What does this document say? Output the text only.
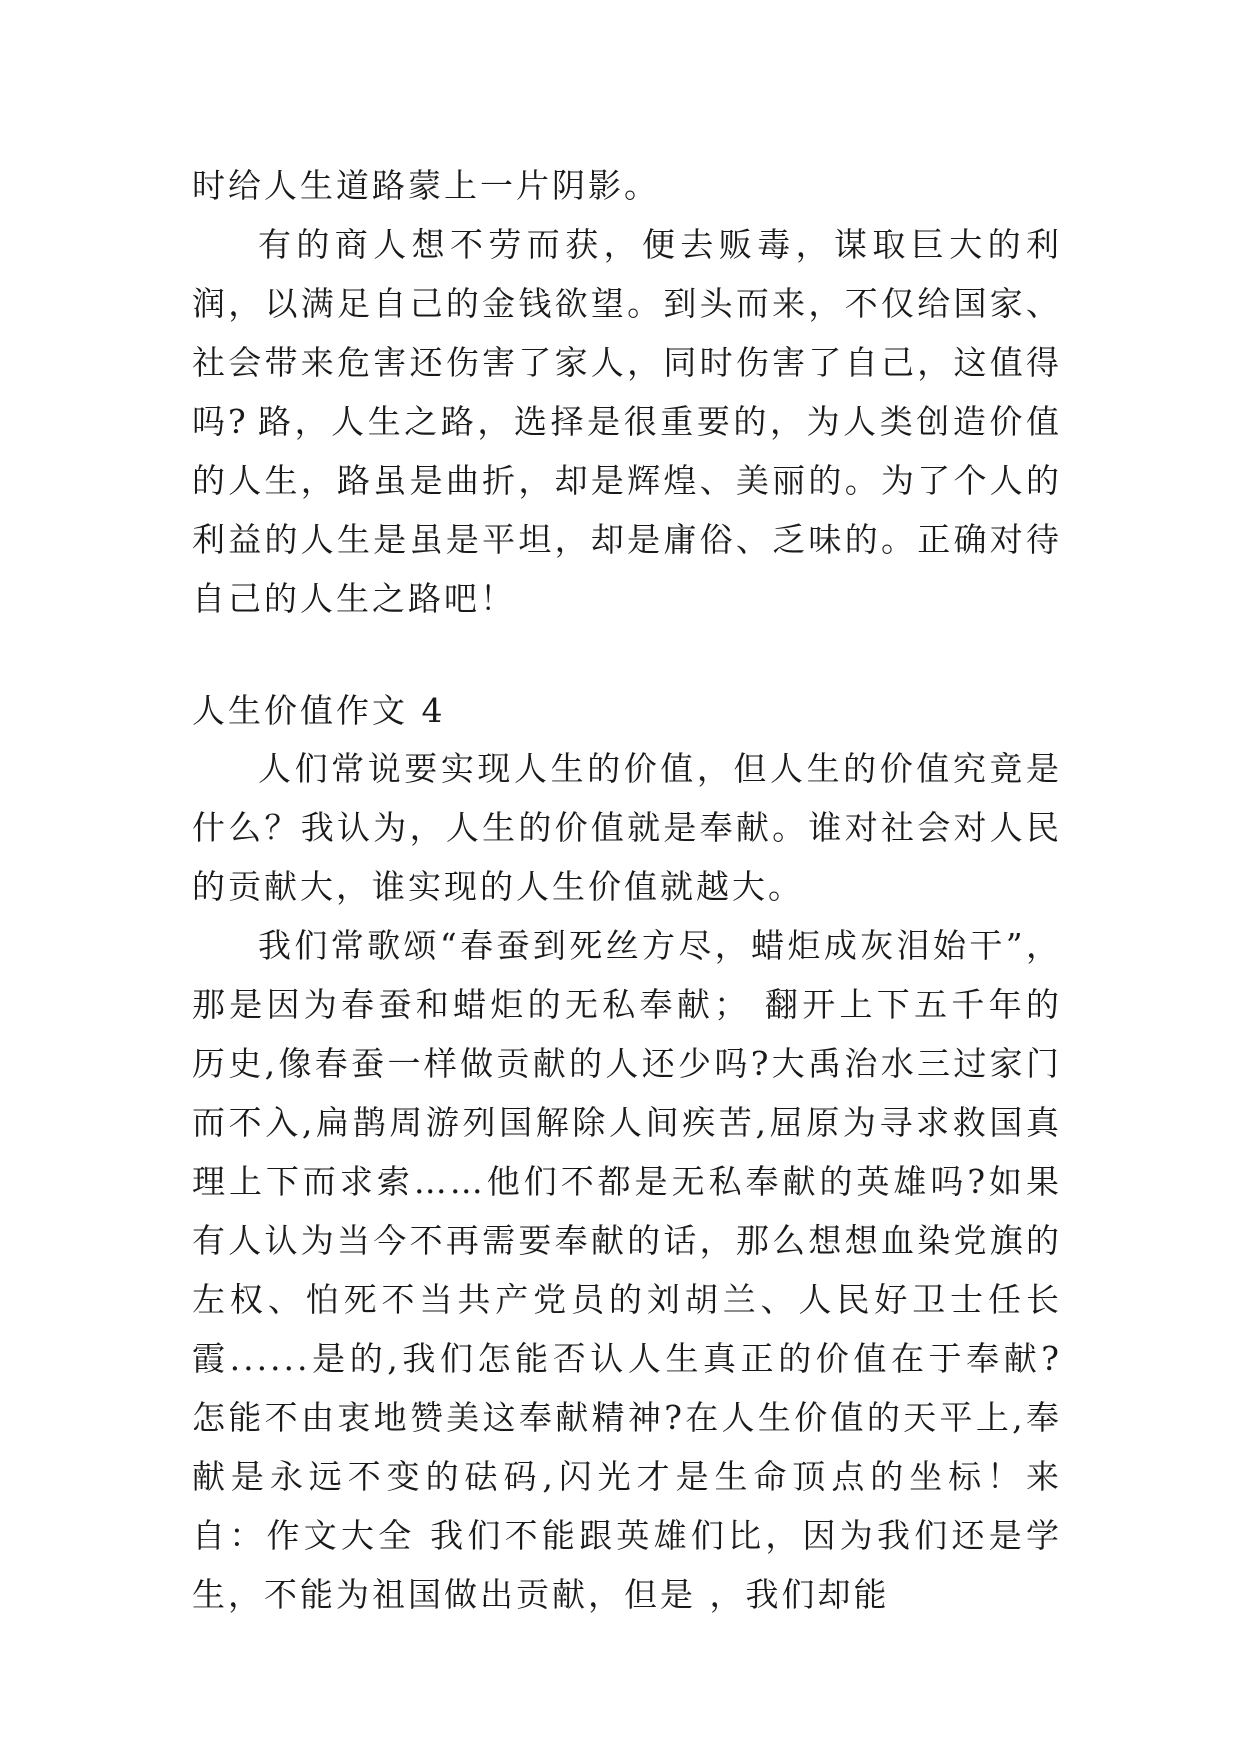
时给人生道路蒙上一片阴影。

有的商人想不劳而获，便去贩毒，谋取巨大的利润，以满足自己的金钱欲望。到头而来，不仅给国家、社会带来危害还伤害了家人，同时伤害了自己，这值得吗? 路，人生之路，选择是很重要的，为人类创造价值的人生，路虽是曲折，却是辉煌、美丽的。为了个人的利益的人生是虽是平坦，却是庸俗、乏味的。正确对待自己的人生之路吧！

人生价值作文 4

人们常说要实现人生的价值，但人生的价值究竟是什么？我认为，人生的价值就是奉献。谁对社会对人民的贡献大，谁实现的人生价值就越大。

我们常歌颂“春蚕到死丝方尽，蜡炬成灰泪始干”，那是因为春蚕和蜡炬的无私奉献； 翻开上下五千年的历史,像春蚕一样做贡献的人还少吗?大禹治水三过家门而不入,扁鹊周游列国解除人间疾苦,屈原为寻求救国真理上下而求索……他们不都是无私奉献的英雄吗?如果有人认为当今不再需要奉献的话，那么想想血染党旗的左权、怕死不当共产党员的刘胡兰、人民好卫士任长霞......是的,我们怎能否认人生真正的价值在于奉献?怎能不由衷地赞美这奉献精神?在人生价值的天平上,奉献是永远不变的砝码,闪光才是生命顶点的坐标！来自：作文大全 我们不能跟英雄们比，因为我们还是学生，不能为祖国做出贡献，但是 ，我们却能
